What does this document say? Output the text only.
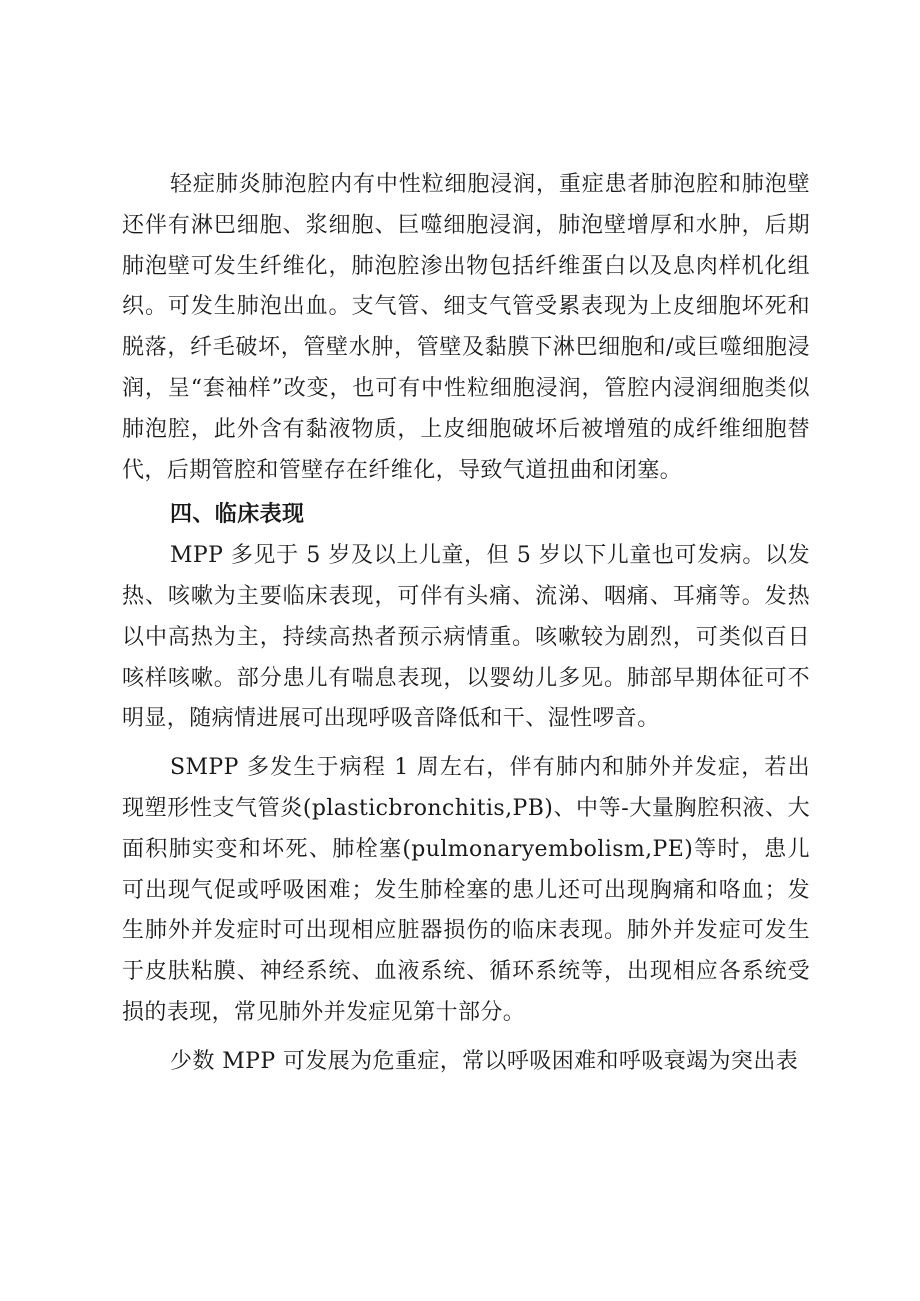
轻症肺炎肺泡腔内有中性粒细胞浸润，重症患者肺泡腔和肺泡壁还伴有淋巴细胞、浆细胞、巨噬细胞浸润，肺泡壁增厚和水肿，后期肺泡壁可发生纤维化，肺泡腔渗出物包括纤维蛋白以及息肉样机化组织。可发生肺泡出血。支气管、细支气管受累表现为上皮细胞坏死和脱落，纤毛破坏，管壁水肿，管壁及黏膜下淋巴细胞和/或巨噬细胞浸润，呈“套袖样”改变，也可有中性粒细胞浸润，管腔内浸润细胞类似肺泡腔，此外含有黏液物质，上皮细胞破坏后被增殖的成纤维细胞替代，后期管腔和管壁存在纤维化，导致气道扭曲和闭塞。

四、临床表现

MPP 多见于 5 岁及以上儿童，但 5 岁以下儿童也可发病。以发热、咳嗽为主要临床表现，可伴有头痛、流涕、咽痛、耳痛等。发热以中高热为主，持续高热者预示病情重。咳嗽较为剧烈，可类似百日咳样咳嗽。部分患儿有喘息表现，以婴幼儿多见。肺部早期体征可不明显，随病情进展可出现呼吸音降低和干、湿性啰音。

SMPP 多发生于病程 1 周左右，伴有肺内和肺外并发症，若出现塑形性支气管炎(plasticbronchitis,PB)、中等-大量胸腔积液、大面积肺实变和坏死、肺栓塞(pulmonaryembolism,PE)等时，患儿可出现气促或呼吸困难；发生肺栓塞的患儿还可出现胸痛和咯血；发生肺外并发症时可出现相应脏器损伤的临床表现。肺外并发症可发生于皮肤粘膜、神经系统、血液系统、循环系统等，出现相应各系统受损的表现，常见肺外并发症见第十部分。

少数 MPP 可发展为危重症，常以呼吸困难和呼吸衰竭为突出表
